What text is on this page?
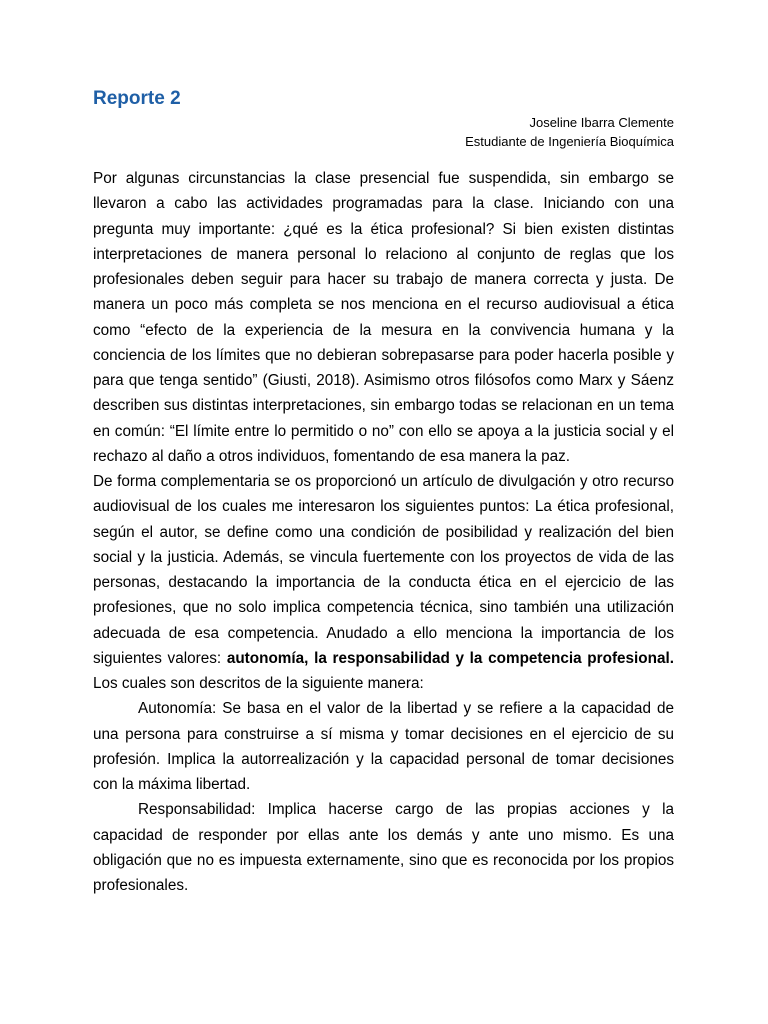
Reporte 2
Joseline Ibarra Clemente
Estudiante de Ingeniería Bioquímica

Por algunas circunstancias la clase presencial fue suspendida, sin embargo se llevaron a cabo las actividades programadas para la clase. Iniciando con una pregunta muy importante: ¿qué es la ética profesional? Si bien existen distintas interpretaciones de manera personal lo relaciono al conjunto de reglas que los profesionales deben seguir para hacer su trabajo de manera correcta y justa. De manera un poco más completa se nos menciona en el recurso audiovisual a ética como “efecto de la experiencia de la mesura en la convivencia humana y la conciencia de los límites que no debieran sobrepasarse para poder hacerla posible y para que tenga sentido” (Giusti, 2018). Asimismo otros filósofos como Marx y Sáenz describen sus distintas interpretaciones, sin embargo todas se relacionan en un tema en común: “El límite entre lo permitido o no” con ello se apoya a la justicia social y el rechazo al daño a otros individuos, fomentando de esa manera la paz.

De forma complementaria se os proporcionó un artículo de divulgación y otro recurso audiovisual de los cuales me interesaron los siguientes puntos: La ética profesional, según el autor, se define como una condición de posibilidad y realización del bien social y la justicia. Además, se vincula fuertemente con los proyectos de vida de las personas, destacando la importancia de la conducta ética en el ejercicio de las profesiones, que no solo implica competencia técnica, sino también una utilización adecuada de esa competencia. Anudado a ello menciona la importancia de los siguientes valores: autonomía, la responsabilidad y la competencia profesional. Los cuales son descritos de la siguiente manera:

Autonomía: Se basa en el valor de la libertad y se refiere a la capacidad de una persona para construirse a sí misma y tomar decisiones en el ejercicio de su profesión. Implica la autorrealización y la capacidad personal de tomar decisiones con la máxima libertad.

Responsabilidad: Implica hacerse cargo de las propias acciones y la capacidad de responder por ellas ante los demás y ante uno mismo. Es una obligación que no es impuesta externamente, sino que es reconocida por los propios profesionales.
